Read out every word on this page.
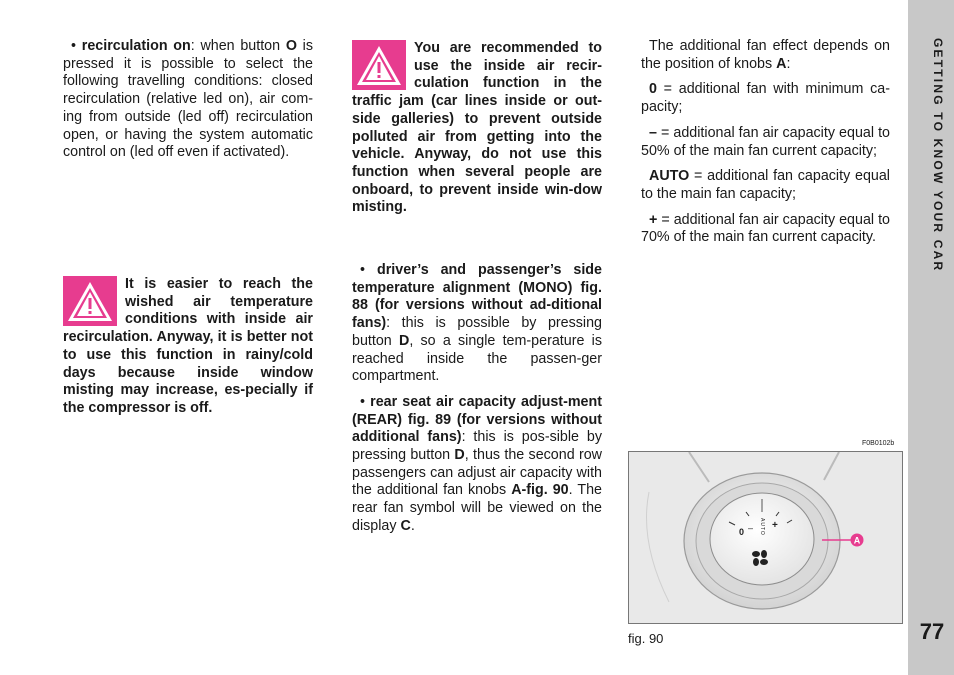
• recirculation on: when button O is pressed it is possible to select the following travelling conditions: closed recirculation (relative led on), air com-ing from outside (led off) recirculation open, or having the system automatic control on (led off even if activated).

It is easier to reach the wished air temperature conditions with inside air recirculation. Anyway, it is better not to use this function in rainy/cold days because inside window misting may increase, es-pecially if the compressor is off.
You are recommended to use the inside air recir-culation function in the traffic jam (car lines inside or out-side galleries) to prevent outside polluted air from getting into the vehicle. Anyway, do not use this function when several people are onboard, to prevent inside win-dow misting.

• driver’s and passenger’s side temperature alignment (MONO) fig. 88 (for versions without ad-ditional fans): this is possible by pressing button D, so a single tem-perature is reached inside the passen-ger compartment.

• rear seat air capacity adjust-ment (REAR) fig. 89 (for versions without additional fans): this is pos-sible by pressing button D, thus the second row passengers can adjust air capacity with the additional fan knobs A-fig. 90. The rear fan symbol will be viewed on the display C.

The additional fan effect depends on the position of knobs A:

0 = additional fan with minimum ca-pacity;

– = additional fan air capacity equal to 50% of the main fan current capacity;

AUTO = additional fan capacity equal to the main fan capacity;

+ = additional fan air capacity equal to 70% of the main fan current capacity.

F0B0102b
0 – +
AUTO
A
fig. 90
GETTING TO KNOW YOUR CAR
77
